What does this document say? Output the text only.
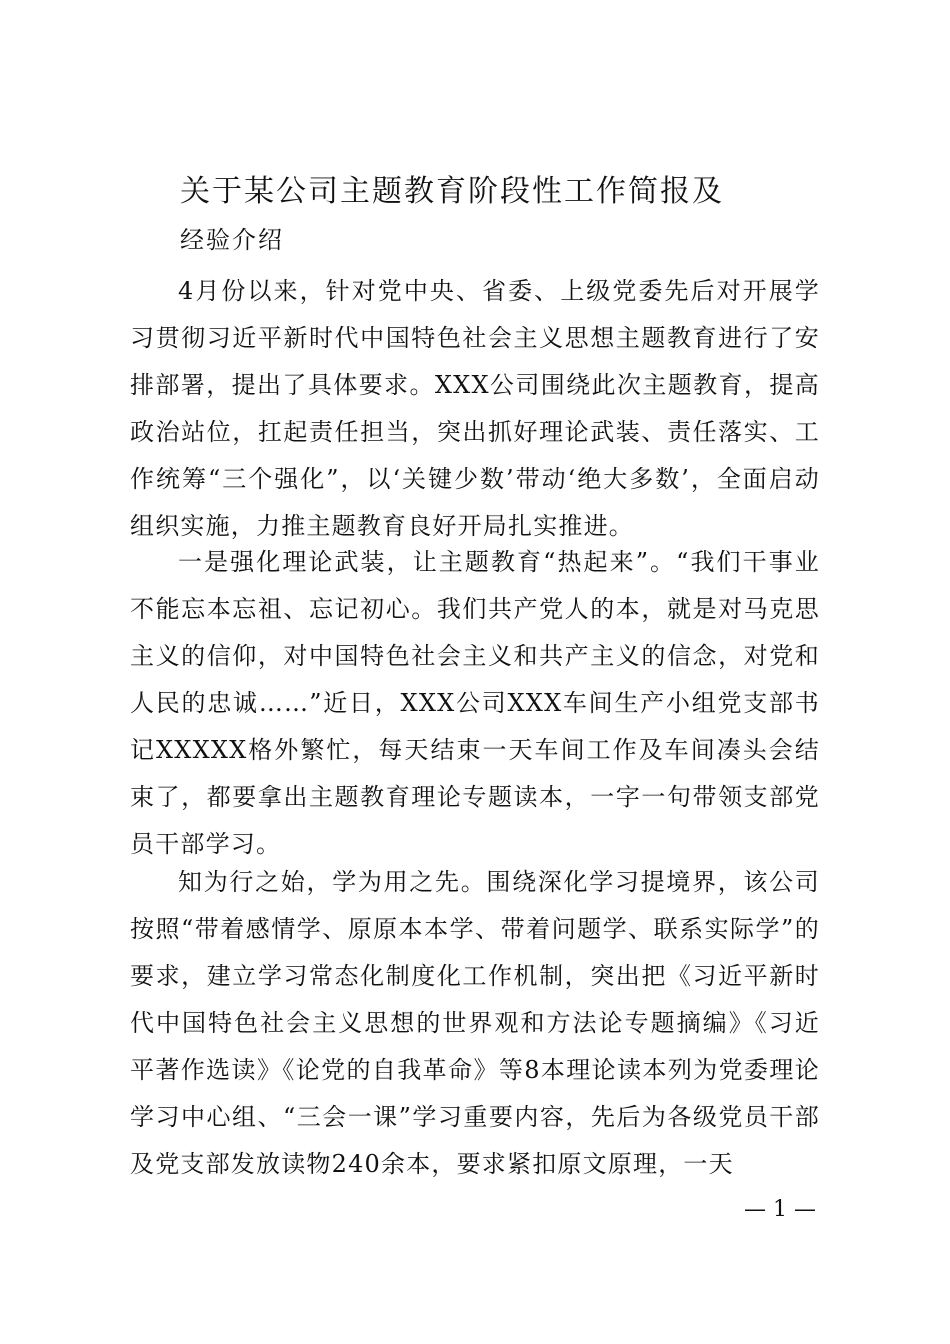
关于某公司主题教育阶段性工作简报及
经验介绍

4月份以来，针对党中央、省委、上级党委先后对开展学习贯彻习近平新时代中国特色社会主义思想主题教育进行了安排部署，提出了具体要求。XXX公司围绕此次主题教育，提高政治站位，扛起责任担当，突出抓好理论武装、责任落实、工作统筹“三个强化”，以‘关键少数’带动‘绝大多数’，全面启动组织实施，力推主题教育良好开局扎实推进。

一是强化理论武装，让主题教育“热起来”。“我们干事业不能忘本忘祖、忘记初心。我们共产党人的本，就是对马克思主义的信仰，对中国特色社会主义和共产主义的信念，对党和人民的忠诚……”近日，XXX公司XXX车间生产小组党支部书记XXXXX格外繁忙，每天结束一天车间工作及车间凑头会结束了，都要拿出主题教育理论专题读本，一字一句带领支部党员干部学习。

知为行之始，学为用之先。围绕深化学习提境界，该公司按照“带着感情学、原原本本学、带着问题学、联系实际学”的要求，建立学习常态化制度化工作机制，突出把《习近平新时代中国特色社会主义思想的世界观和方法论专题摘编》《习近平著作选读》《论党的自我革命》等8本理论读本列为党委理论学习中心组、“三会一课”学习重要内容，先后为各级党员干部及党支部发放读物240余本，要求紧扣原文原理，一天

— 1 —
